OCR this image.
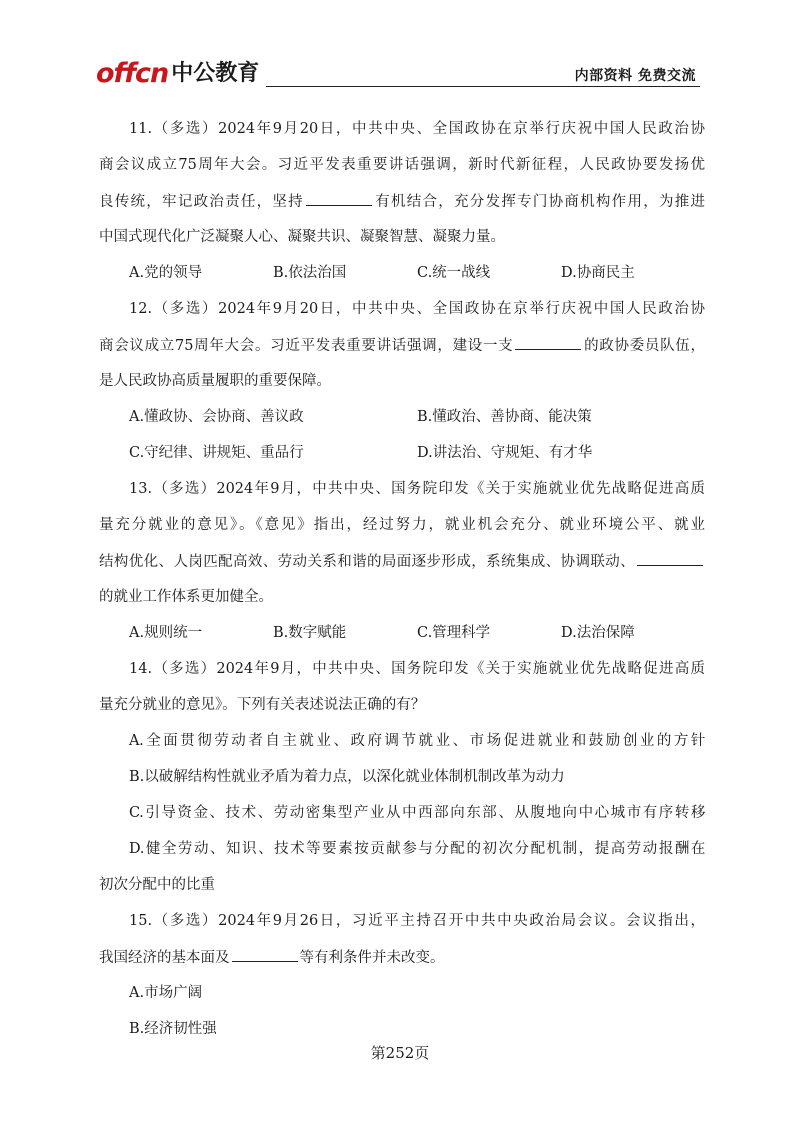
offcn 中公教育	内部资料 免费交流
11.（多选）2024年9月20日，中共中央、全国政协在京举行庆祝中国人民政治协
商会议成立75周年大会。习近平发表重要讲话强调，新时代新征程，人民政协要发扬优
良传统，牢记政治责任，坚持	有机结合，充分发挥专门协商机构作用，为推进
中国式现代化广泛凝聚人心、凝聚共识、凝聚智慧、凝聚力量。
A.党的领导	B.依法治国	C.统一战线	D.协商民主
12.（多选）2024年9月20日，中共中央、全国政协在京举行庆祝中国人民政治协
商会议成立75周年大会。习近平发表重要讲话强调，建设一支	的政协委员队伍，
是人民政协高质量履职的重要保障。
A.懂政协、会协商、善议政	B.懂政治、善协商、能决策
C.守纪律、讲规矩、重品行	D.讲法治、守规矩、有才华
13.（多选）2024年9月，中共中央、国务院印发《关于实施就业优先战略促进高质
量充分就业的意见》。《意见》指出，经过努力，就业机会充分、就业环境公平、就业
结构优化、人岗匹配高效、劳动关系和谐的局面逐步形成，系统集成、协调联动、
的就业工作体系更加健全。
A.规则统一	B.数字赋能	C.管理科学	D.法治保障
14.（多选）2024年9月，中共中央、国务院印发《关于实施就业优先战略促进高质
量充分就业的意见》。下列有关表述说法正确的有？
A.全面贯彻劳动者自主就业、政府调节就业、市场促进就业和鼓励创业的方针
B.以破解结构性就业矛盾为着力点，以深化就业体制机制改革为动力
C.引导资金、技术、劳动密集型产业从中西部向东部、从腹地向中心城市有序转移
D.健全劳动、知识、技术等要素按贡献参与分配的初次分配机制，提高劳动报酬在
初次分配中的比重
15.（多选）2024年9月26日，习近平主持召开中共中央政治局会议。会议指出，
我国经济的基本面及	等有利条件并未改变。
A.市场广阔
B.经济韧性强
第252页
